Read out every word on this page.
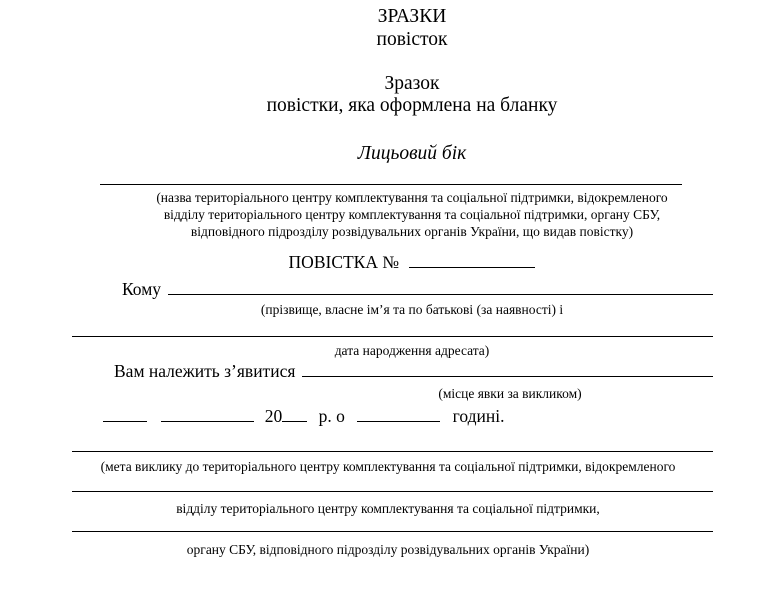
ЗРАЗКИ
повісток
Зразок
повістки, яка оформлена на бланку
Лицьовий бік
(назва територіального центру комплектування та соціальної підтримки, відокремленого
відділу територіального центру комплектування та соціальної підтримки, органу СБУ,
відповідного підрозділу розвідувальних органів України, що видав повістку)
ПОВІСТКА №
Кому
(прізвище, власне ім’я та по батькові (за наявності) і
дата народження адресата)
Вам належить з’явитися
(місце явки за викликом)
20 р. о	годині.
(мета виклику до територіального центру комплектування та соціальної підтримки, відокремленого
відділу територіального центру комплектування та соціальної підтримки,
органу СБУ, відповідного підрозділу розвідувальних органів України)
